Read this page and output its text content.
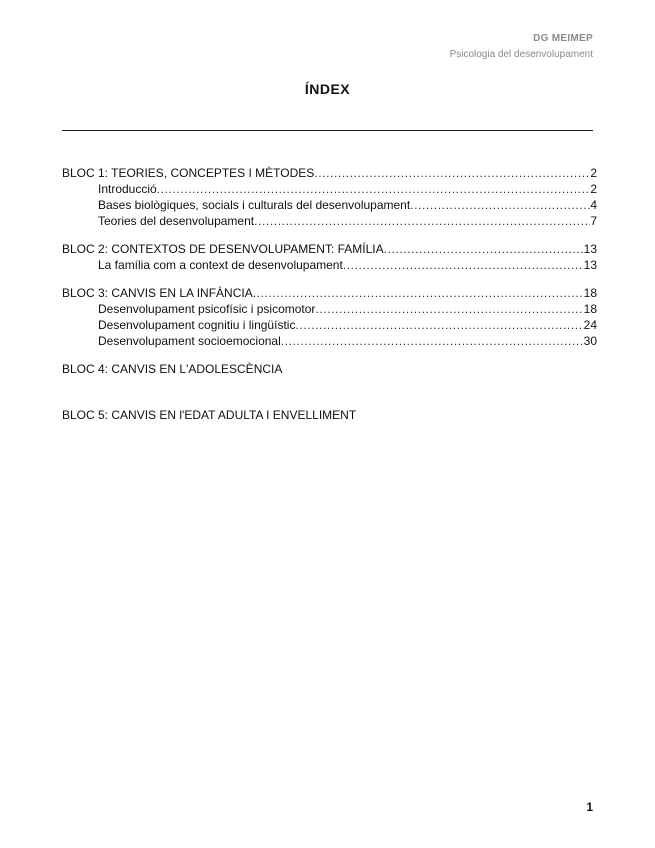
DG MEIMEP
Psicologia del desenvolupament
ÍNDEX
BLOC 1: TEORIES, CONCEPTES I MÈTODES .....	2
Introducció .....	2
Bases biològiques, socials i culturals del desenvolupament .....	4
Teories del desenvolupament .....	7
BLOC 2: CONTEXTOS DE DESENVOLUPAMENT: FAMÍLIA .....	13
La família com a context de desenvolupament .....	13
BLOC 3: CANVIS EN LA INFÀNCIA .....	18
Desenvolupament psicofísic i psicomotor .....	18
Desenvolupament cognitiu i lingüístic .....	24
Desenvolupament socioemocional .....	30
BLOC 4: CANVIS EN L'ADOLESCÈNCIA
BLOC 5: CANVIS EN l'EDAT ADULTA I ENVELLIMENT
1
